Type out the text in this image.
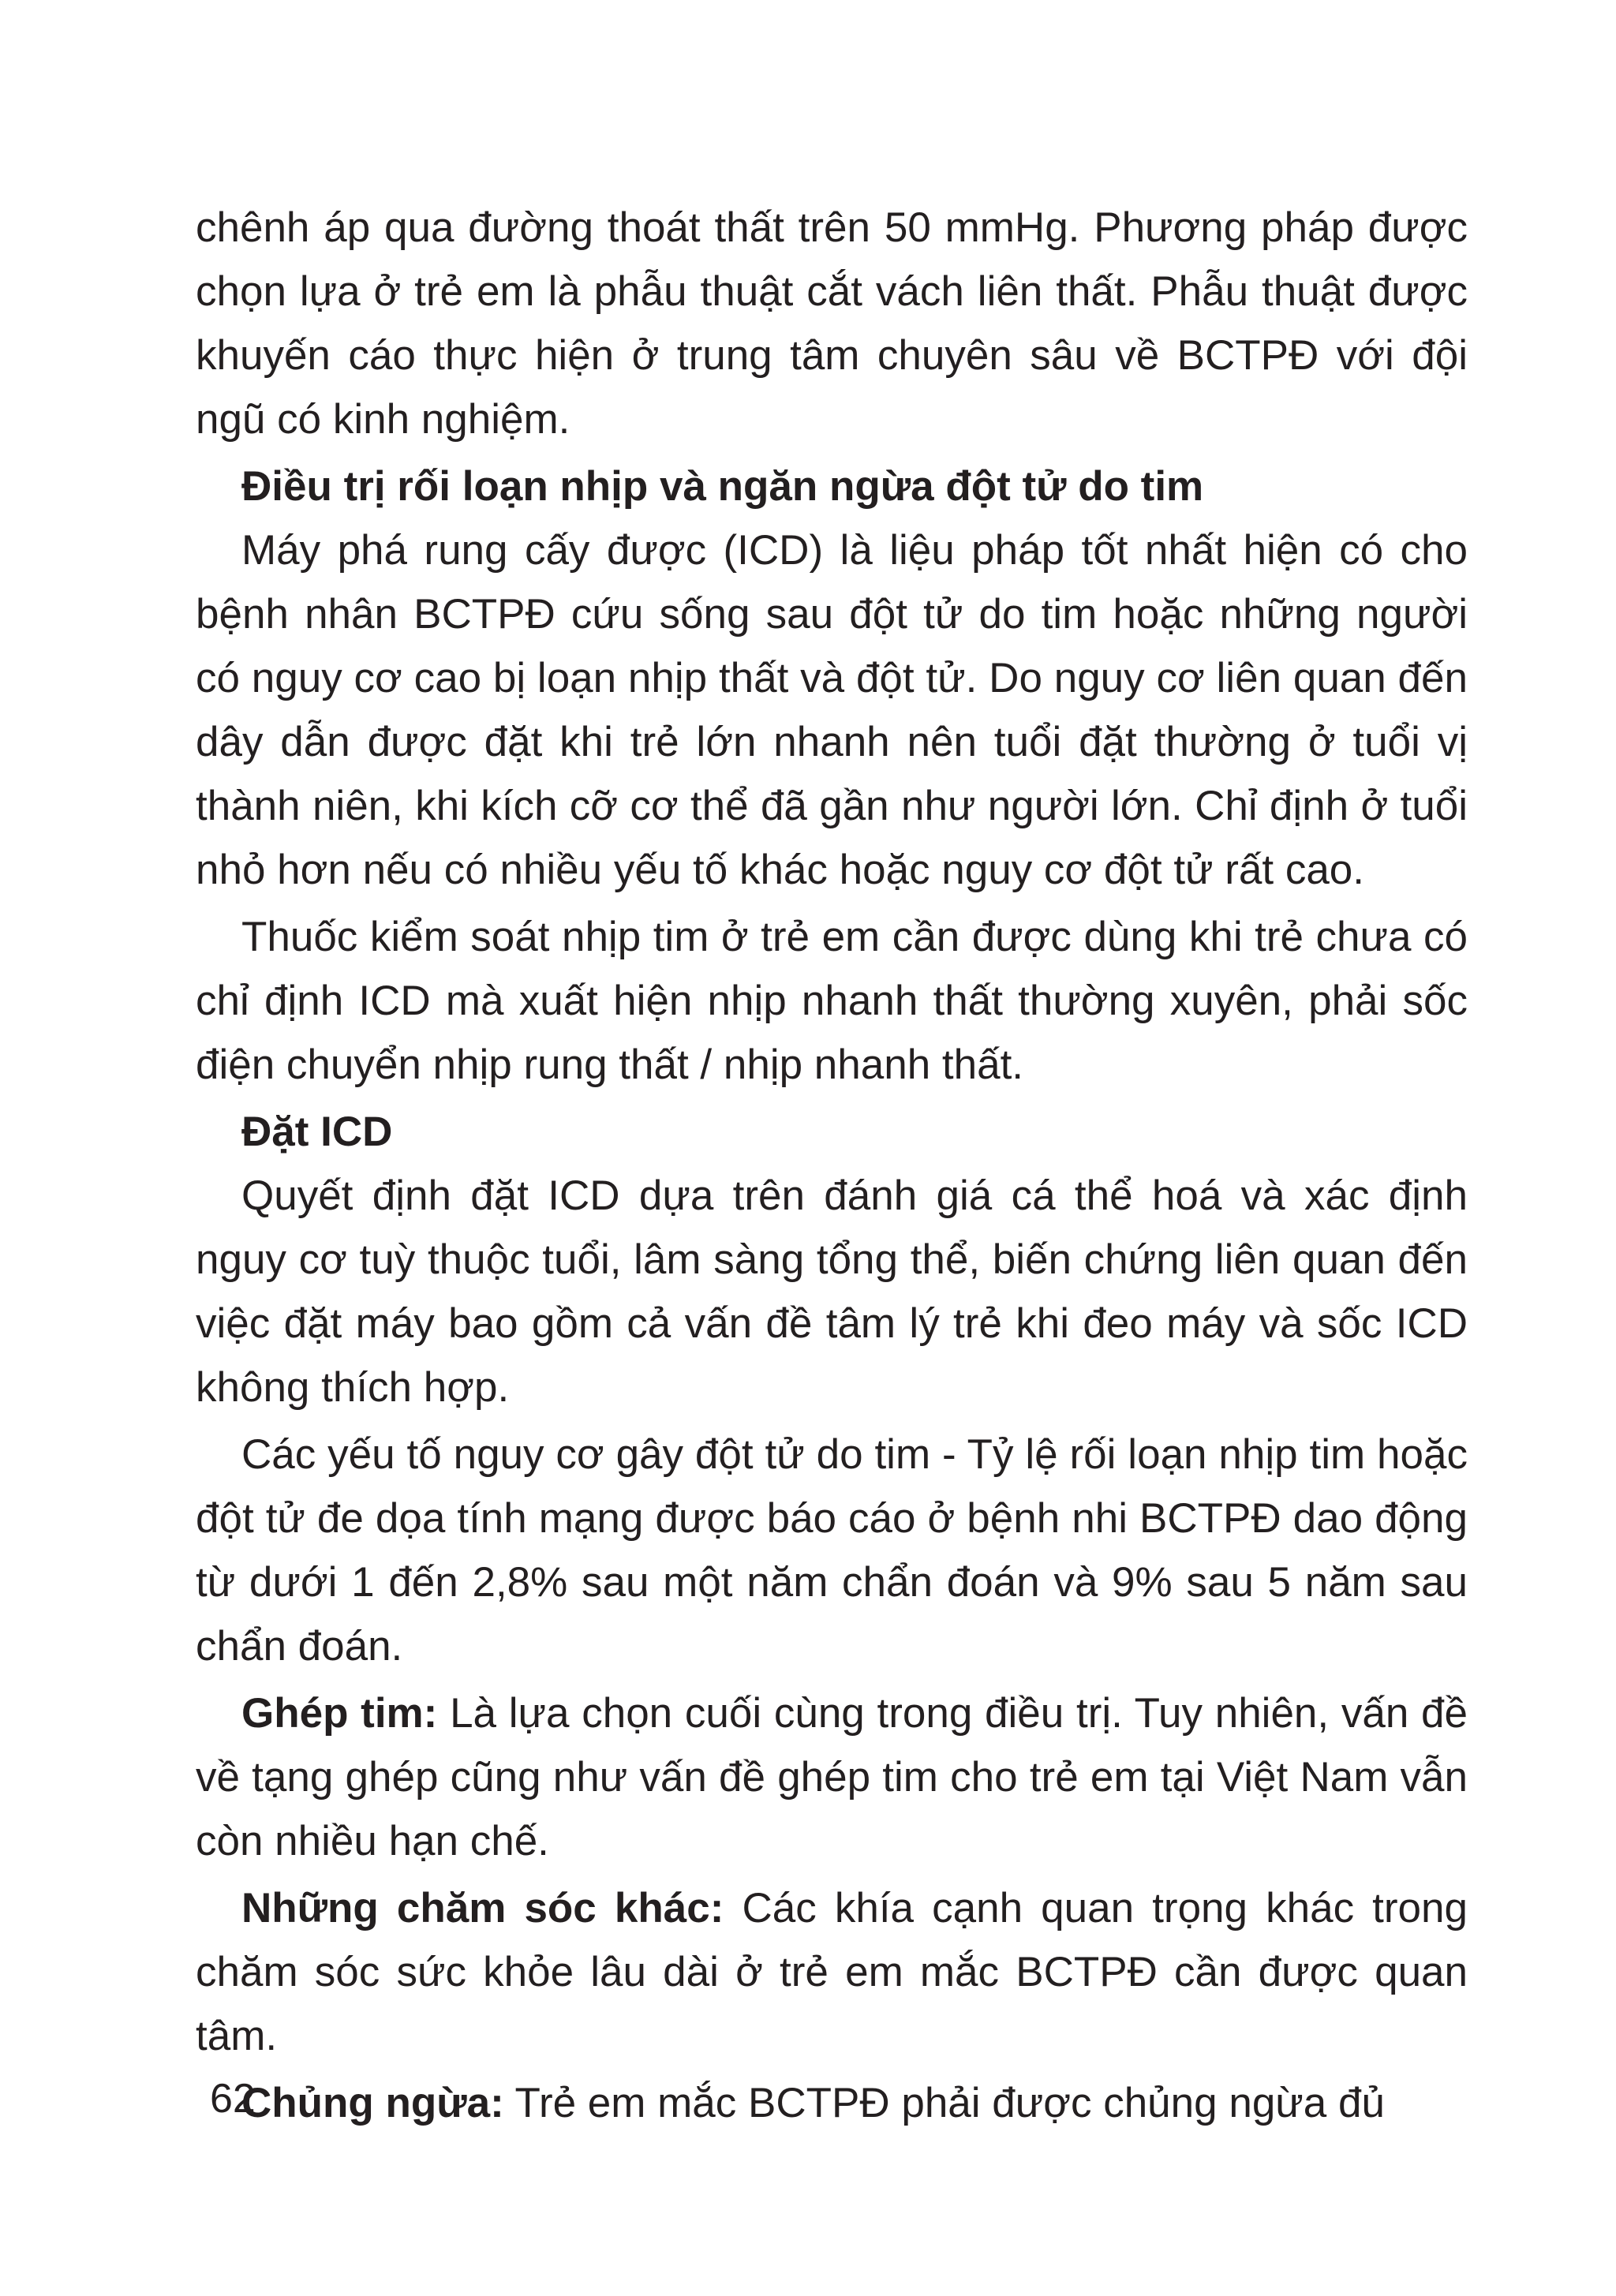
chênh áp qua đường thoát thất trên 50 mmHg. Phương pháp được chọn lựa ở trẻ em là phẫu thuật cắt vách liên thất. Phẫu thuật được khuyến cáo thực hiện ở trung tâm chuyên sâu về BCTPĐ với đội ngũ có kinh nghiệm.

Điều trị rối loạn nhịp và ngăn ngừa đột tử do tim

Máy phá rung cấy được (ICD) là liệu pháp tốt nhất hiện có cho bệnh nhân BCTPĐ cứu sống sau đột tử do tim hoặc những người có nguy cơ cao bị loạn nhịp thất và đột tử. Do nguy cơ liên quan đến dây dẫn được đặt khi trẻ lớn nhanh nên tuổi đặt thường ở tuổi vị thành niên, khi kích cỡ cơ thể đã gần như người lớn. Chỉ định ở tuổi nhỏ hơn nếu có nhiều yếu tố khác hoặc nguy cơ đột tử rất cao.

Thuốc kiểm soát nhịp tim ở trẻ em cần được dùng khi trẻ chưa có chỉ định ICD mà xuất hiện nhịp nhanh thất thường xuyên, phải sốc điện chuyển nhịp rung thất / nhịp nhanh thất.

Đặt ICD

Quyết định đặt ICD dựa trên đánh giá cá thể hoá và xác định nguy cơ tuỳ thuộc tuổi, lâm sàng tổng thể, biến chứng liên quan đến việc đặt máy bao gồm cả vấn đề tâm lý trẻ khi đeo máy và sốc ICD không thích hợp.

Các yếu tố nguy cơ gây đột tử do tim - Tỷ lệ rối loạn nhịp tim hoặc đột tử đe dọa tính mạng được báo cáo ở bệnh nhi BCTPĐ dao động từ dưới 1 đến 2,8% sau một năm chẩn đoán và 9% sau 5 năm sau chẩn đoán.

Ghép tim: Là lựa chọn cuối cùng trong điều trị. Tuy nhiên, vấn đề về tạng ghép cũng như vấn đề ghép tim cho trẻ em tại Việt Nam vẫn còn nhiều hạn chế.

Những chăm sóc khác: Các khía cạnh quan trọng khác trong chăm sóc sức khỏe lâu dài ở trẻ em mắc BCTPĐ cần được quan tâm.

Chủng ngừa: Trẻ em mắc BCTPĐ phải được chủng ngừa đủ

62
